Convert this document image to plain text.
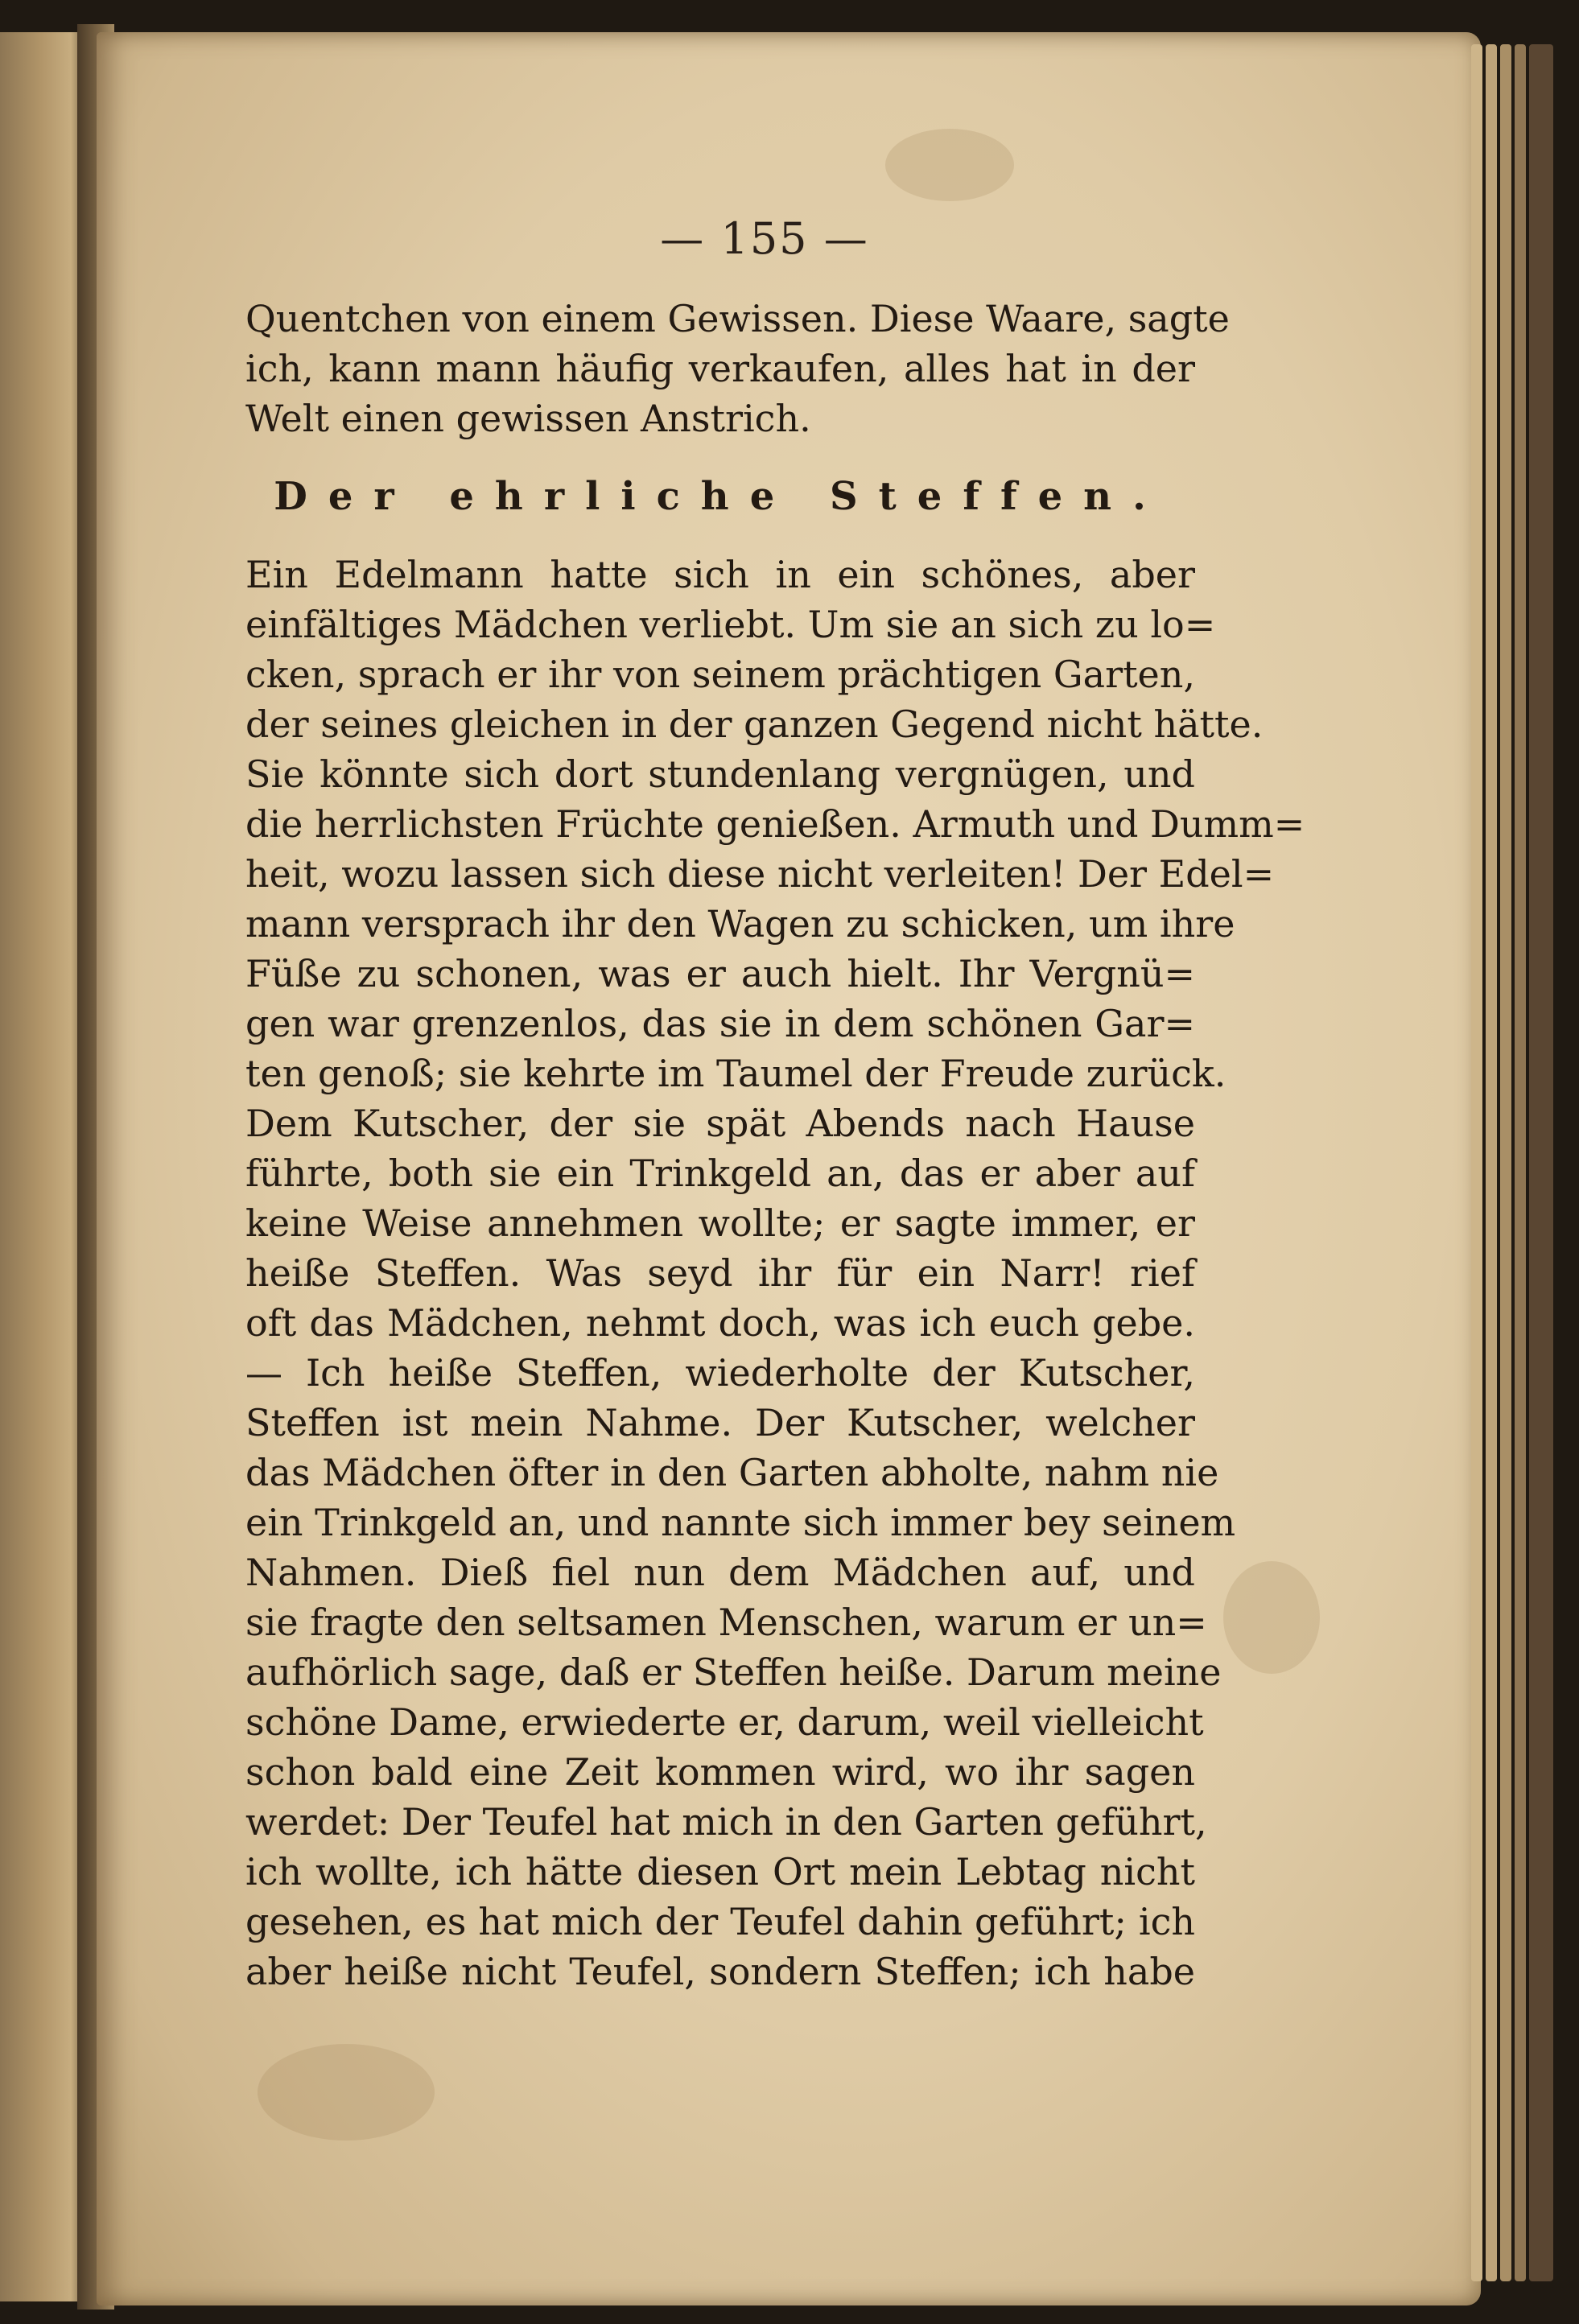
— 155 —
Quentchen von einem Gewissen. Diese Waare, sagte
ich, kann mann häufig verkaufen, alles hat in der
Welt einen gewissen Anstrich.
Der ehrliche Steffen.
Ein Edelmann hatte sich in ein schönes, aber
einfältiges Mädchen verliebt. Um sie an sich zu lo=
cken, sprach er ihr von seinem prächtigen Garten,
der seines gleichen in der ganzen Gegend nicht hätte.
Sie könnte sich dort stundenlang vergnügen, und
die herrlichsten Früchte genießen. Armuth und Dumm=
heit, wozu lassen sich diese nicht verleiten! Der Edel=
mann versprach ihr den Wagen zu schicken, um ihre
Füße zu schonen, was er auch hielt. Ihr Vergnü=
gen war grenzenlos, das sie in dem schönen Gar=
ten genoß; sie kehrte im Taumel der Freude zurück.
Dem Kutscher, der sie spät Abends nach Hause
führte, both sie ein Trinkgeld an, das er aber auf
keine Weise annehmen wollte; er sagte immer, er
heiße Steffen. Was seyd ihr für ein Narr! rief
oft das Mädchen, nehmt doch, was ich euch gebe.
— Ich heiße Steffen, wiederholte der Kutscher,
Steffen ist mein Nahme. Der Kutscher, welcher
das Mädchen öfter in den Garten abholte, nahm nie
ein Trinkgeld an, und nannte sich immer bey seinem
Nahmen. Dieß fiel nun dem Mädchen auf, und
sie fragte den seltsamen Menschen, warum er un=
aufhörlich sage, daß er Steffen heiße. Darum meine
schöne Dame, erwiederte er, darum, weil vielleicht
schon bald eine Zeit kommen wird, wo ihr sagen
werdet: Der Teufel hat mich in den Garten geführt,
ich wollte, ich hätte diesen Ort mein Lebtag nicht
gesehen, es hat mich der Teufel dahin geführt; ich
aber heiße nicht Teufel, sondern Steffen; ich habe
